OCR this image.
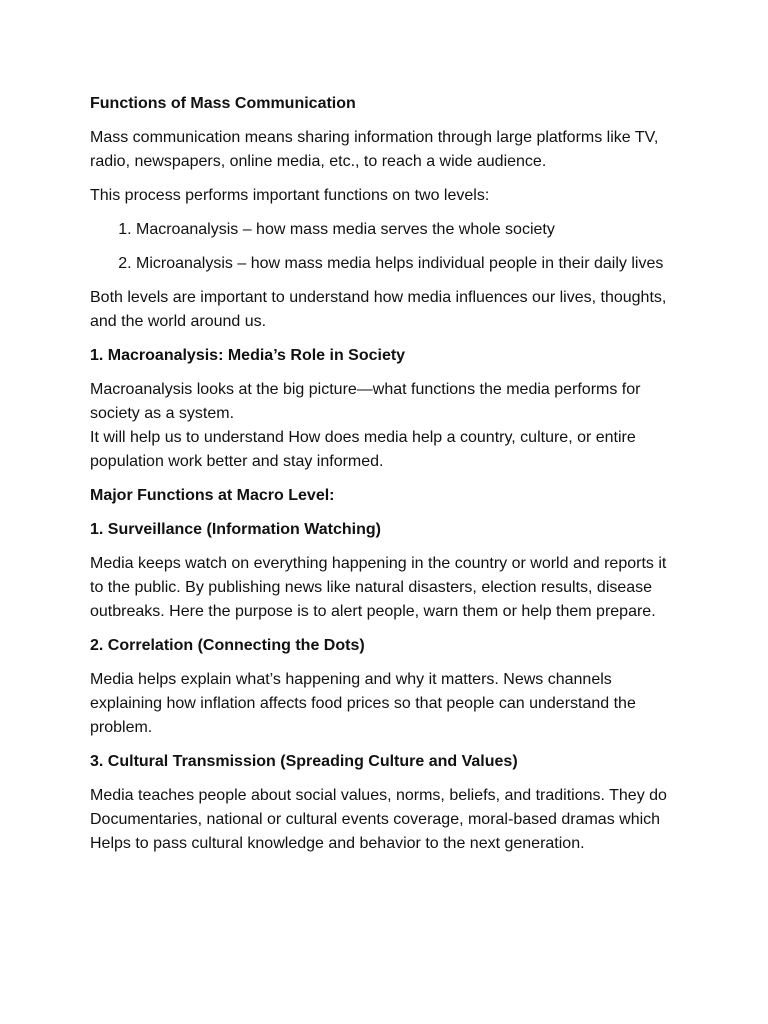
Functions of Mass Communication

Mass communication means sharing information through large platforms like TV, radio, newspapers, online media, etc., to reach a wide audience.

This process performs important functions on two levels:

1. Macroanalysis – how mass media serves the whole society
2. Microanalysis – how mass media helps individual people in their daily lives

Both levels are important to understand how media influences our lives, thoughts, and the world around us.

1. Macroanalysis: Media’s Role in Society

Macroanalysis looks at the big picture—what functions the media performs for society as a system.
It will help us to understand How does media help a country, culture, or entire population work better and stay informed.

Major Functions at Macro Level:
1. Surveillance (Information Watching)

Media keeps watch on everything happening in the country or world and reports it to the public. By publishing news like natural disasters, election results, disease outbreaks. Here the purpose is to alert people, warn them or help them prepare.

2. Correlation (Connecting the Dots)

Media helps explain what’s happening and why it matters. News channels explaining how inflation affects food prices so that people can understand the problem.

3. Cultural Transmission (Spreading Culture and Values)

Media teaches people about social values, norms, beliefs, and traditions. They do Documentaries, national or cultural events coverage, moral-based dramas which Helps to pass cultural knowledge and behavior to the next generation.
